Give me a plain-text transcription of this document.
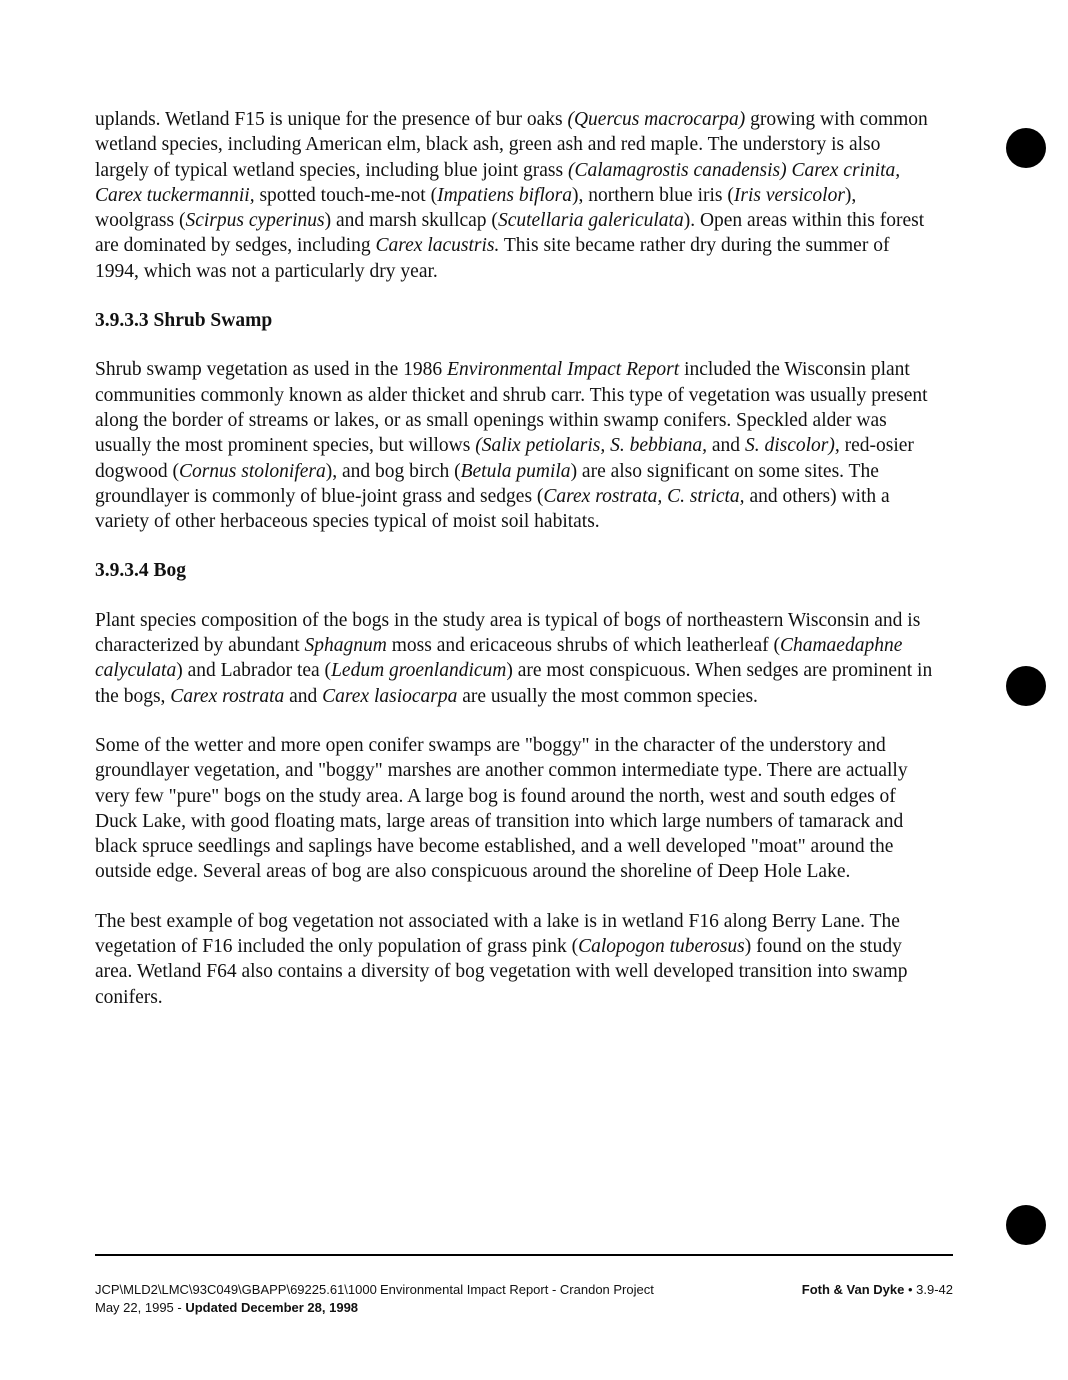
uplands. Wetland F15 is unique for the presence of bur oaks (Quercus macrocarpa) growing with common wetland species, including American elm, black ash, green ash and red maple. The understory is also largely of typical wetland species, including blue joint grass (Calamagrostis canadensis) Carex crinita, Carex tuckermannii, spotted touch-me-not (Impatiens biflora), northern blue iris (Iris versicolor), woolgrass (Scirpus cyperinus) and marsh skullcap (Scutellaria galericulata). Open areas within this forest are dominated by sedges, including Carex lacustris. This site became rather dry during the summer of 1994, which was not a particularly dry year.

3.9.3.3 Shrub Swamp

Shrub swamp vegetation as used in the 1986 Environmental Impact Report included the Wisconsin plant communities commonly known as alder thicket and shrub carr. This type of vegetation was usually present along the border of streams or lakes, or as small openings within swamp conifers. Speckled alder was usually the most prominent species, but willows (Salix petiolaris, S. bebbiana, and S. discolor), red-osier dogwood (Cornus stolonifera), and bog birch (Betula pumila) are also significant on some sites. The groundlayer is commonly of blue-joint grass and sedges (Carex rostrata, C. stricta, and others) with a variety of other herbaceous species typical of moist soil habitats.

3.9.3.4 Bog

Plant species composition of the bogs in the study area is typical of bogs of northeastern Wisconsin and is characterized by abundant Sphagnum moss and ericaceous shrubs of which leatherleaf (Chamaedaphne calyculata) and Labrador tea (Ledum groenlandicum) are most conspicuous. When sedges are prominent in the bogs, Carex rostrata and Carex lasiocarpa are usually the most common species.

Some of the wetter and more open conifer swamps are "boggy" in the character of the understory and groundlayer vegetation, and "boggy" marshes are another common intermediate type. There are actually very few "pure" bogs on the study area. A large bog is found around the north, west and south edges of Duck Lake, with good floating mats, large areas of transition into which large numbers of tamarack and black spruce seedlings and saplings have become established, and a well developed "moat" around the outside edge. Several areas of bog are also conspicuous around the shoreline of Deep Hole Lake.

The best example of bog vegetation not associated with a lake is in wetland F16 along Berry Lane. The vegetation of F16 included the only population of grass pink (Calopogon tuberosus) found on the study area. Wetland F64 also contains a diversity of bog vegetation with well developed transition into swamp conifers.

JCP\MLD2\LMC\93C049\GBAPP\69225.61\1000
May 22, 1995 - Updated December 28, 1998
Environmental Impact Report - Crandon Project	Foth & Van Dyke • 3.9-42
